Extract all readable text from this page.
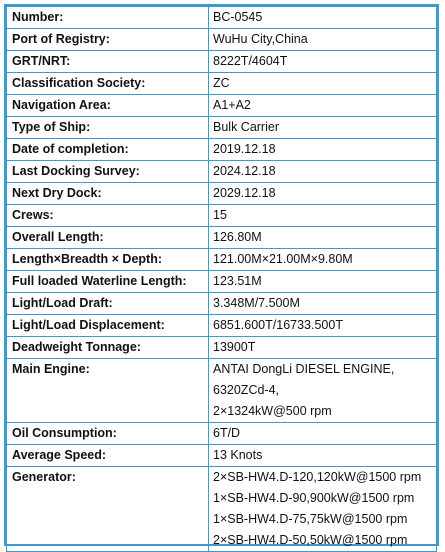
Number:	BC-0545

Port of Registry:	WuHu City,China

GRT/NRT:	8222T/4604T

Classification Society:	ZC

Navigation Area:	A1+A2

Type of Ship:	Bulk Carrier

Date of completion:	2019.12.18

Last Docking Survey:	2024.12.18

Next Dry Dock:	2029.12.18

Crews:	15

Overall Length:	126.80M

Length×Breadth × Depth:	121.00M×21.00M×9.80M

Full loaded Waterline Length:	123.51M

Light/Load Draft:	3.348M/7.500M

Light/Load Displacement:	6851.600T/16733.500T

Deadweight Tonnage:	13900T

Main Engine:	ANTAI DongLi DIESEL ENGINE,
6320ZCd-4,
2×1324kW@500 rpm

Oil Consumption:	6T/D

Average Speed:	13 Knots

Generator:	2×SB-HW4.D-120,120kW@1500 rpm
1×SB-HW4.D-90,900kW@1500 rpm
1×SB-HW4.D-75,75kW@1500 rpm
2×SB-HW4.D-50,50kW@1500 rpm
